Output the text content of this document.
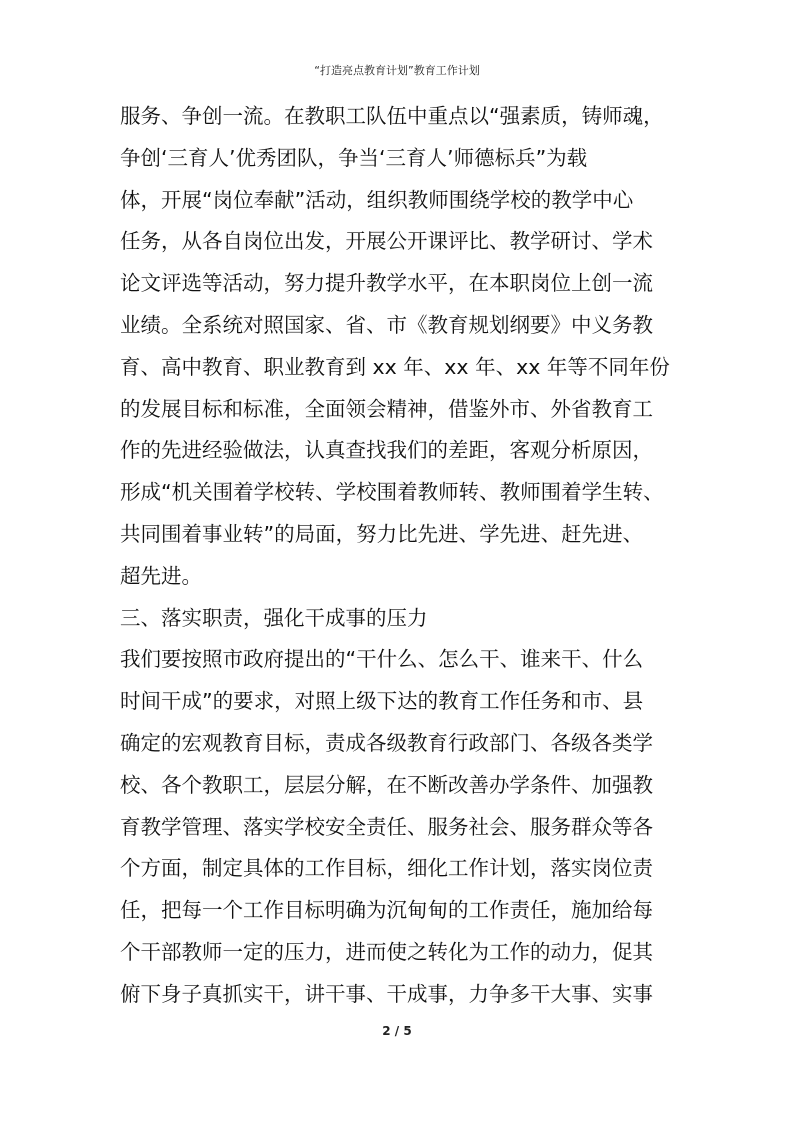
“打造亮点教育计划”教育工作计划
服务、争创一流。在教职工队伍中重点以“强素质，铸师魂，
争创‘三育人’优秀团队，争当‘三育人’师德标兵”为载
体，开展“岗位奉献”活动，组织教师围绕学校的教学中心
任务，从各自岗位出发，开展公开课评比、教学研讨、学术
论文评选等活动，努力提升教学水平，在本职岗位上创一流
业绩。全系统对照国家、省、市《教育规划纲要》中义务教
育、高中教育、职业教育到 xx 年、xx 年、xx 年等不同年份
的发展目标和标准，全面领会精神，借鉴外市、外省教育工
作的先进经验做法，认真查找我们的差距，客观分析原因，
形成“机关围着学校转、学校围着教师转、教师围着学生转、
共同围着事业转”的局面，努力比先进、学先进、赶先进、
超先进。
三、落实职责，强化干成事的压力
我们要按照市政府提出的“干什么、怎么干、谁来干、什么
时间干成”的要求，对照上级下达的教育工作任务和市、县
确定的宏观教育目标，责成各级教育行政部门、各级各类学
校、各个教职工，层层分解，在不断改善办学条件、加强教
育教学管理、落实学校安全责任、服务社会、服务群众等各
个方面，制定具体的工作目标，细化工作计划，落实岗位责
任，把每一个工作目标明确为沉甸甸的工作责任，施加给每
个干部教师一定的压力，进而使之转化为工作的动力，促其
俯下身子真抓实干，讲干事、干成事，力争多干大事、实事
2 / 5
